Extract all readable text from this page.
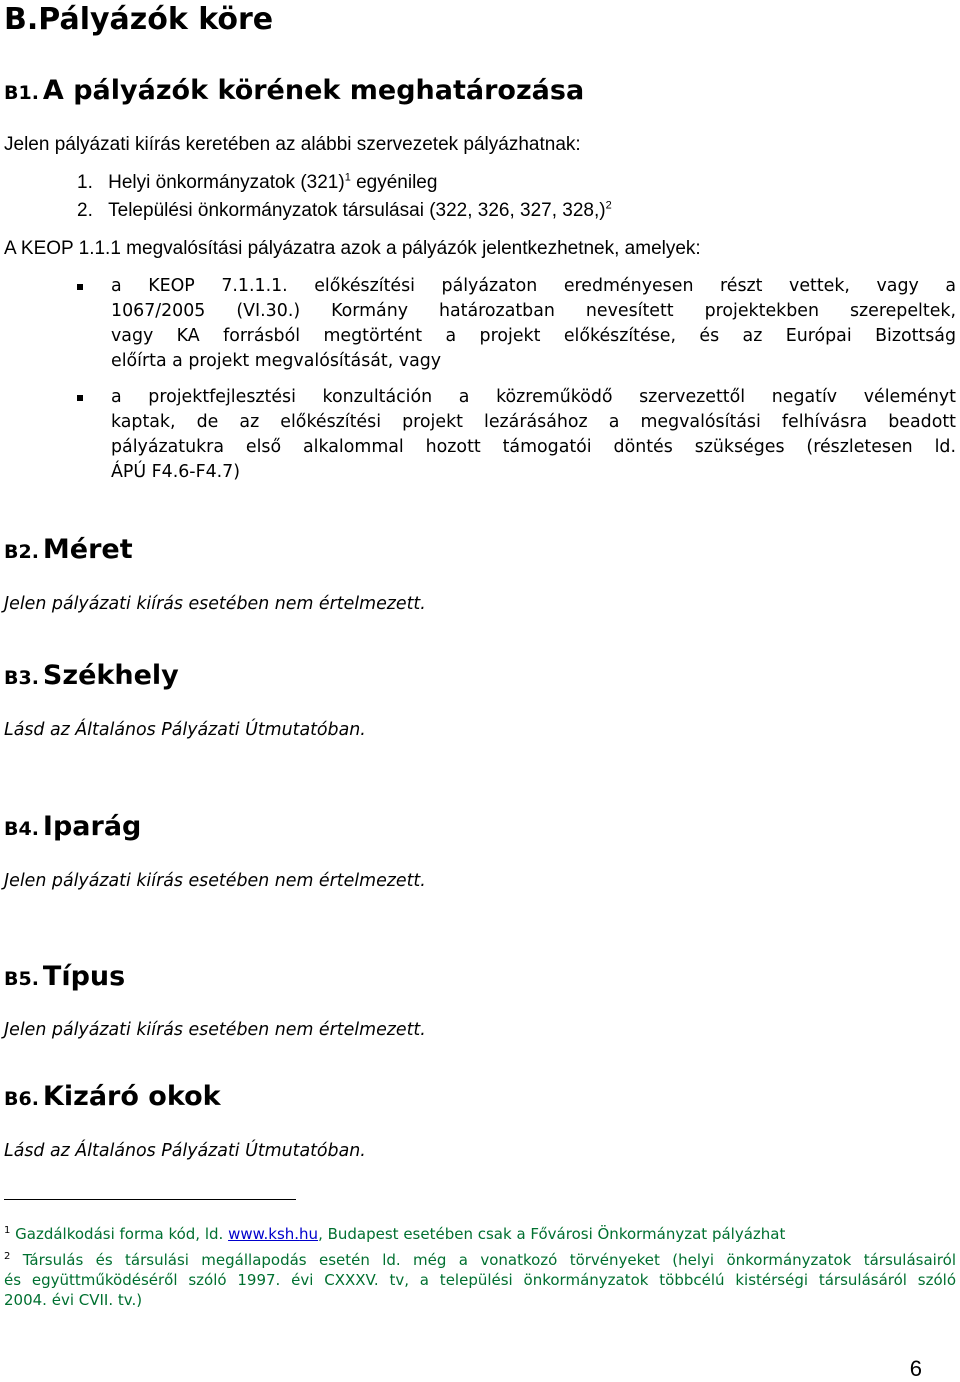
B.Pályázók köre
B1. A pályázók körének meghatározása
Jelen pályázati kiírás keretében az alábbi szervezetek pályázhatnak:
1. Helyi önkormányzatok $(321)^1$ egyénileg
2. Települési önkormányzatok társulásai (322, 326, 327, 328,)$^2$
A KEOP 1.1.1 megvalósítási pályázatra azok a pályázók jelentkezhetnek, amelyek:
a KEOP 7.1.1.1. előkészítési pályázaton eredményesen részt vettek, vagy a
1067/2005 (VI.30.) Kormány határozatban nevesített projektekben szerepeltek,
vagy KA forrásból megtörtént a projekt előkészítése, és az Európai Bizottság
előírta a projekt megvalósítását, vagy
a projektfejlesztési konzultáción a közreműködő szervezettől negatív véleményt
kaptak, de az előkészítési projekt lezárásához a megvalósítási felhívásra beadott
pályázatukra első alkalommal hozott támogatói döntés szükséges (részletesen ld.
ÁPÚ F4.6-F4.7)
B2. Méret
Jelen pályázati kiírás esetében nem értelmezett.
B3. Székhely
Lásd az Általános Pályázati Útmutatóban.
B4. Iparág
Jelen pályázati kiírás esetében nem értelmezett.
B5. Típus
Jelen pályázati kiírás esetében nem értelmezett.
B6. Kizáró okok
Lásd az Általános Pályázati Útmutatóban.
$^1$ Gazdálkodási forma kód, ld. www.ksh.hu, Budapest esetében csak a Fővárosi Önkormányzat pályázhat
$^2$ Társulás és társulási megállapodás esetén ld. még a vonatkozó törvényeket (helyi önkormányzatok társulásairól
és együttműködéséről szóló 1997. évi CXXXV. tv, a települési önkormányzatok többcélú kistérségi társulásáról szóló
2004. évi CVII. tv.)
6
